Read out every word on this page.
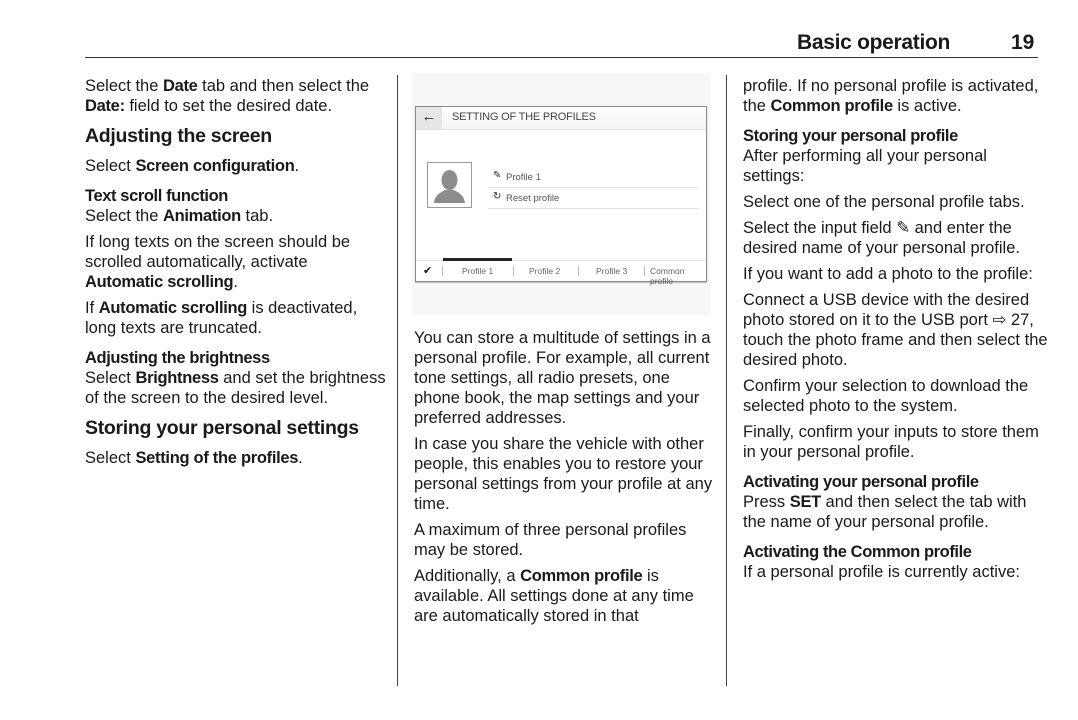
Basic operation	19

Select the Date tab and then select the Date: field to set the desired date.

Adjusting the screen

Select Screen configuration.

Text scroll function

Select the Animation tab.

If long texts on the screen should be scrolled automatically, activate Automatic scrolling.

If Automatic scrolling is deactivated, long texts are truncated.

Adjusting the brightness

Select Brightness and set the brightness of the screen to the desired level.

Storing your personal settings

Select Setting of the profiles.

←	SETTING OF THE PROFILES
✎ Profile 1
↻ Reset profile
✔	Profile 1	Profile 2	Profile 3	Common profile

You can store a multitude of settings in a personal profile. For example, all current tone settings, all radio presets, one phone book, the map settings and your preferred addresses.

In case you share the vehicle with other people, this enables you to restore your personal settings from your profile at any time.

A maximum of three personal profiles may be stored.

Additionally, a Common profile is available. All settings done at any time are automatically stored in that

profile. If no personal profile is activated, the Common profile is active.

Storing your personal profile

After performing all your personal settings:

Select one of the personal profile tabs.

Select the input field ✎ and enter the desired name of your personal profile.

If you want to add a photo to the profile:

Connect a USB device with the desired photo stored on it to the USB port ⇨ 27, touch the photo frame and then select the desired photo.

Confirm your selection to download the selected photo to the system.

Finally, confirm your inputs to store them in your personal profile.

Activating your personal profile

Press SET and then select the tab with the name of your personal profile.

Activating the Common profile

If a personal profile is currently active:
